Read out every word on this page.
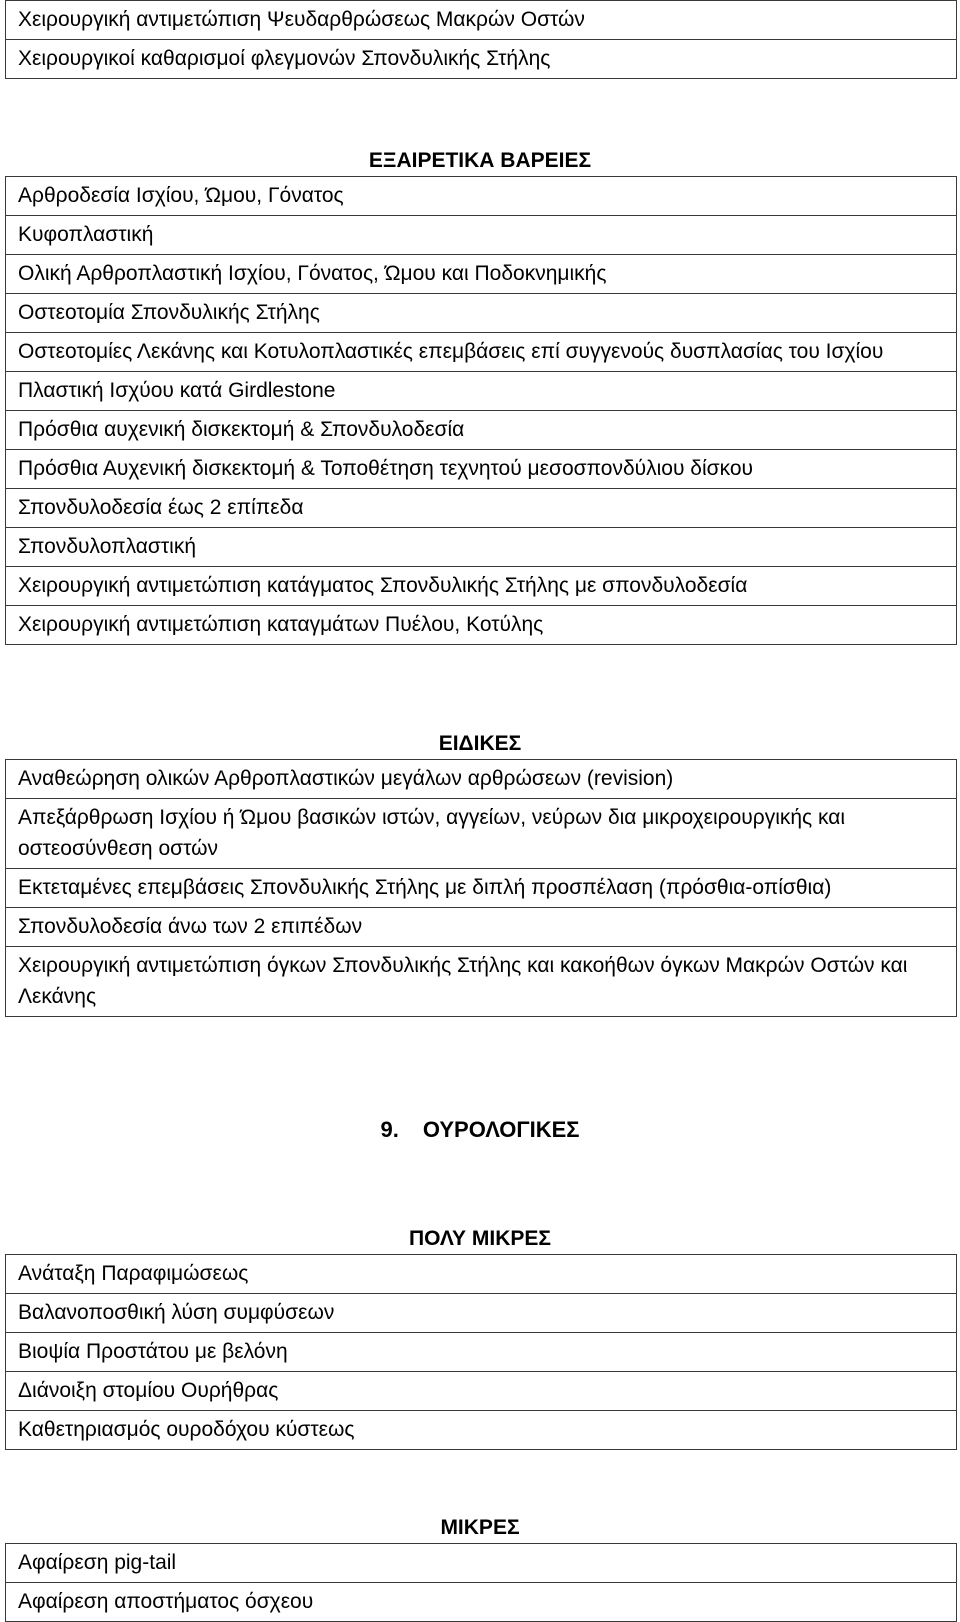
Χειρουργική αντιμετώπιση Ψευδαρθρώσεως Μακρών Οστών
Χειρουργικοί καθαρισμοί φλεγμονών Σπονδυλικής Στήλης
ΕΞΑΙΡΕΤΙΚΑ ΒΑΡΕΙΕΣ
Αρθροδεσία Ισχίου, Ώμου, Γόνατος
Κυφοπλαστική
Ολική Αρθροπλαστική Ισχίου, Γόνατος, Ώμου και Ποδοκνημικής
Οστεοτομία Σπονδυλικής Στήλης
Οστεοτομίες Λεκάνης και Κοτυλοπλαστικές επεμβάσεις επί συγγενούς δυσπλασίας του Ισχίου
Πλαστική Ισχύου κατά Girdlestone
Πρόσθια αυχενική δισκεκτομή & Σπονδυλοδεσία
Πρόσθια Αυχενική δισκεκτομή & Τοποθέτηση τεχνητού μεσοσπονδύλιου δίσκου
Σπονδυλοδεσία έως 2 επίπεδα
Σπονδυλοπλαστική
Χειρουργική αντιμετώπιση κατάγματος Σπονδυλικής Στήλης με σπονδυλοδεσία
Χειρουργική αντιμετώπιση καταγμάτων Πυέλου, Κοτύλης
ΕΙΔΙΚΕΣ
Αναθεώρηση ολικών Αρθροπλαστικών μεγάλων αρθρώσεων (revision)
Απεξάρθρωση Ισχίου ή Ώμου βασικών ιστών, αγγείων, νεύρων δια μικροχειρουργικής και οστεοσύνθεση οστών
Εκτεταμένες επεμβάσεις Σπονδυλικής Στήλης με διπλή προσπέλαση (πρόσθια-οπίσθια)
Σπονδυλοδεσία άνω των 2 επιπέδων
Χειρουργική αντιμετώπιση όγκων Σπονδυλικής Στήλης και κακοήθων όγκων Μακρών Οστών και Λεκάνης
9. ΟΥΡΟΛΟΓΙΚΕΣ
ΠΟΛΥ ΜΙΚΡΕΣ
Ανάταξη Παραφιμώσεως
Βαλανοποσθική λύση συμφύσεων
Βιοψία Προστάτου με βελόνη
Διάνοιξη στομίου Ουρήθρας
Καθετηριασμός ουροδόχου κύστεως
ΜΙΚΡΕΣ
Αφαίρεση pig-tail
Αφαίρεση αποστήματος όσχεου
